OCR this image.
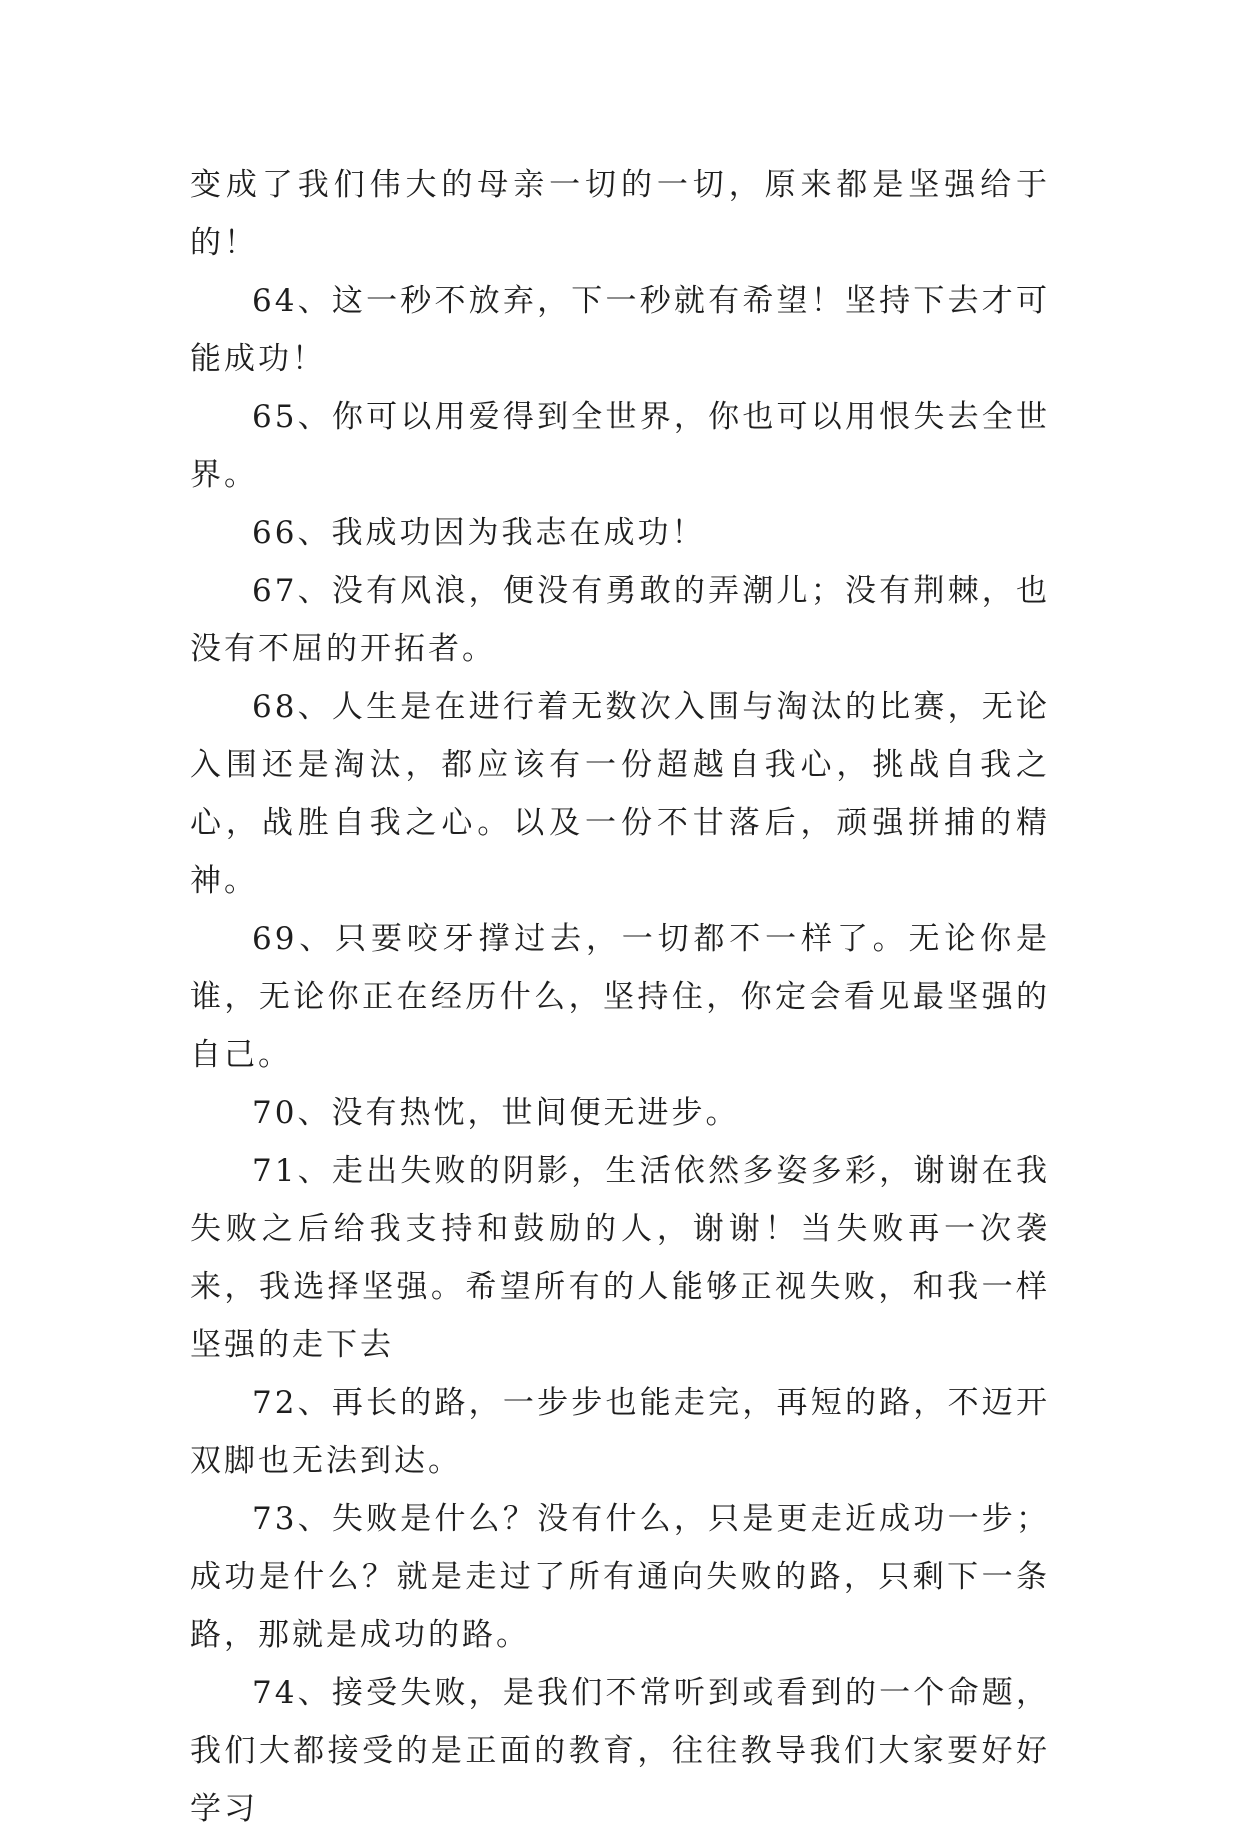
变成了我们伟大的母亲一切的一切，原来都是坚强给于的！

64、这一秒不放弃，下一秒就有希望！坚持下去才可能成功！

65、你可以用爱得到全世界，你也可以用恨失去全世界。

66、我成功因为我志在成功！

67、没有风浪，便没有勇敢的弄潮儿；没有荆棘，也没有不屈的开拓者。

68、人生是在进行着无数次入围与淘汰的比赛，无论入围还是淘汰，都应该有一份超越自我心，挑战自我之心，战胜自我之心。以及一份不甘落后，顽强拼捕的精神。

69、只要咬牙撑过去，一切都不一样了。无论你是谁，无论你正在经历什么，坚持住，你定会看见最坚强的自己。

70、没有热忱，世间便无进步。

71、走出失败的阴影，生活依然多姿多彩，谢谢在我失败之后给我支持和鼓励的人，谢谢！当失败再一次袭来，我选择坚强。希望所有的人能够正视失败，和我一样坚强的走下去

72、再长的路，一步步也能走完，再短的路，不迈开双脚也无法到达。

73、失败是什么？没有什么，只是更走近成功一步；成功是什么？就是走过了所有通向失败的路，只剩下一条路，那就是成功的路。

74、接受失败，是我们不常听到或看到的一个命题，我们大都接受的是正面的教育，往往教导我们大家要好好学习
